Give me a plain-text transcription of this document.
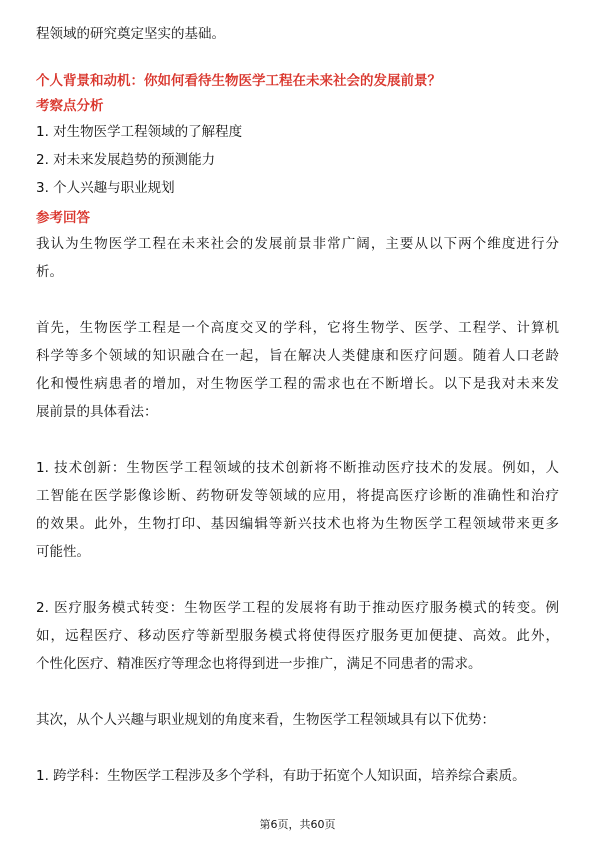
程领域的研究奠定坚实的基础。
个人背景和动机：你如何看待生物医学工程在未来社会的发展前景？
考察点分析
1. 对生物医学工程领域的了解程度
2. 对未来发展趋势的预测能力
3. 个人兴趣与职业规划
参考回答
我认为生物医学工程在未来社会的发展前景非常广阔，主要从以下两个维度进行分
析。
首先，生物医学工程是一个高度交叉的学科，它将生物学、医学、工程学、计算机
科学等多个领域的知识融合在一起，旨在解决人类健康和医疗问题。随着人口老龄
化和慢性病患者的增加，对生物医学工程的需求也在不断增长。以下是我对未来发
展前景的具体看法：
1. 技术创新：生物医学工程领域的技术创新将不断推动医疗技术的发展。例如，人
工智能在医学影像诊断、药物研发等领域的应用，将提高医疗诊断的准确性和治疗
的效果。此外，生物打印、基因编辑等新兴技术也将为生物医学工程领域带来更多
可能性。
2. 医疗服务模式转变：生物医学工程的发展将有助于推动医疗服务模式的转变。例
如，远程医疗、移动医疗等新型服务模式将使得医疗服务更加便捷、高效。此外，
个性化医疗、精准医疗等理念也将得到进一步推广，满足不同患者的需求。
其次，从个人兴趣与职业规划的角度来看，生物医学工程领域具有以下优势：
1. 跨学科：生物医学工程涉及多个学科，有助于拓宽个人知识面，培养综合素质。
第6页，共60页
